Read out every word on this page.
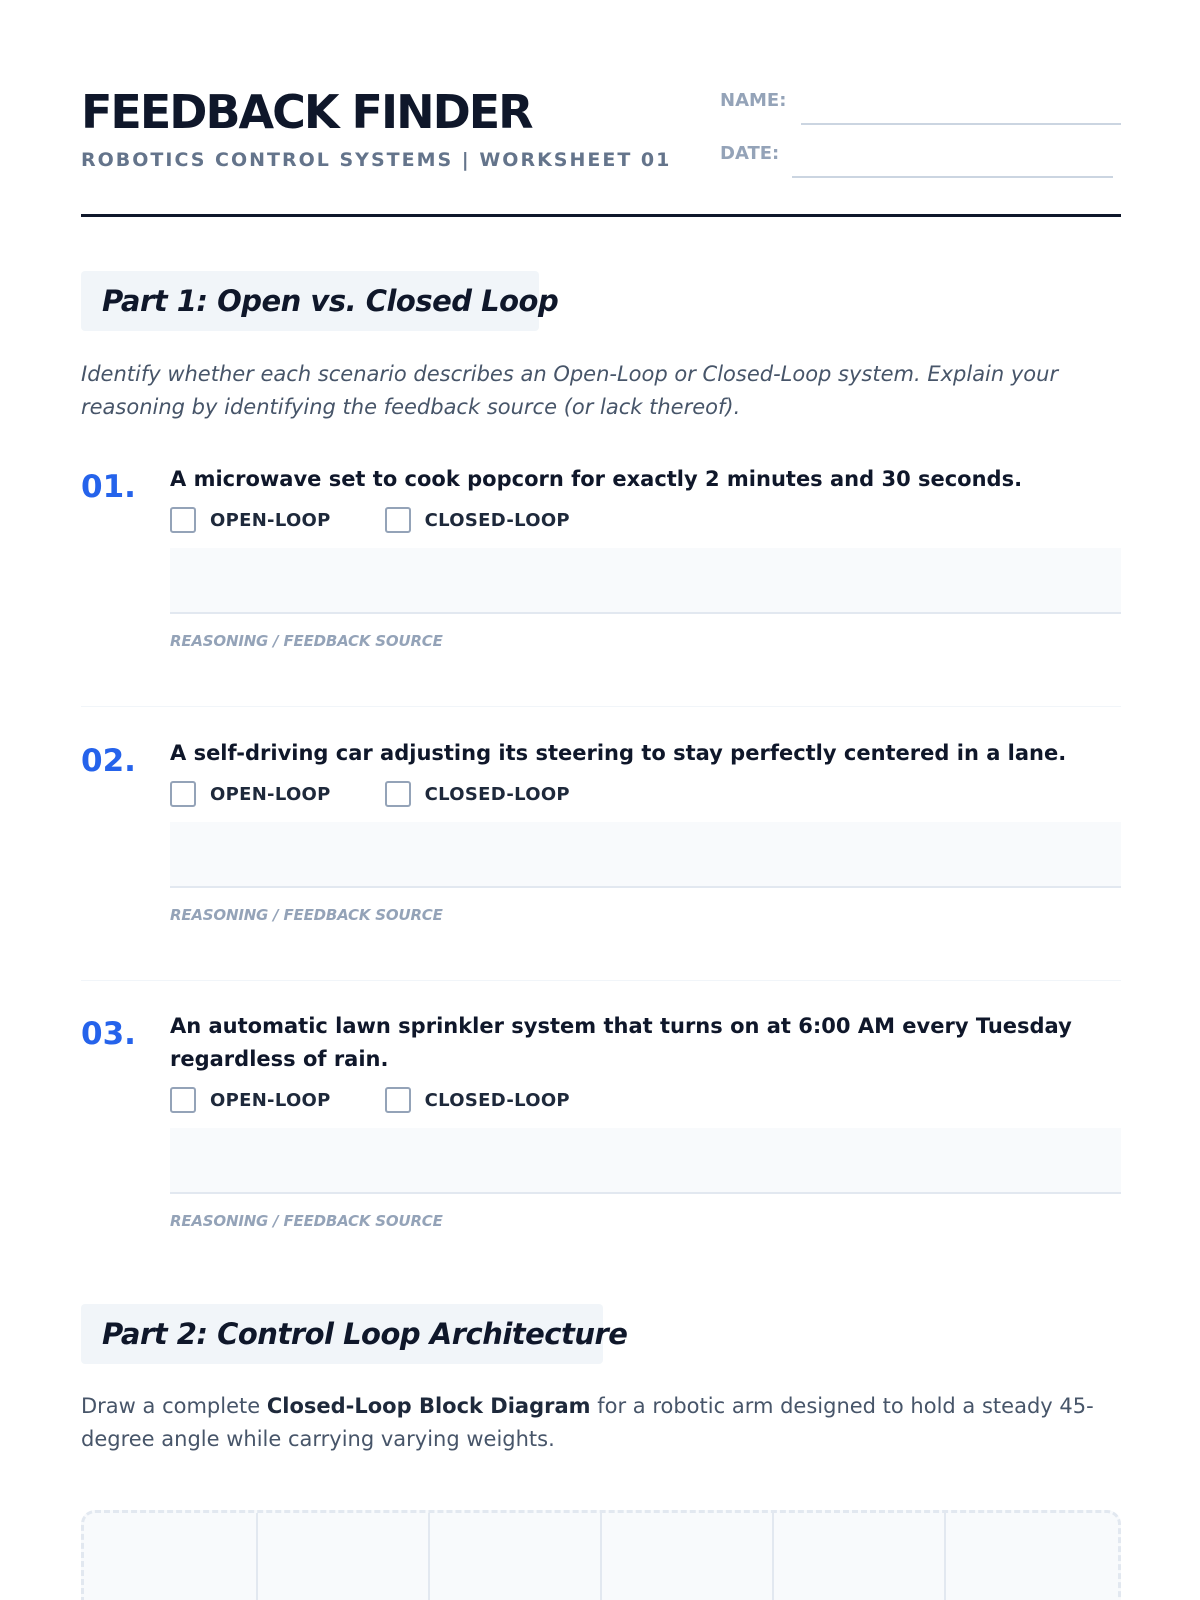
FEEDBACK FINDER
ROBOTICS CONTROL SYSTEMS | WORKSHEET 01
NAME:
DATE:
Part 1: Open vs. Closed Loop
Identify whether each scenario describes an Open-Loop or Closed-Loop system. Explain your reasoning by identifying the feedback source (or lack thereof).
01. A microwave set to cook popcorn for exactly 2 minutes and 30 seconds.
OPEN-LOOP	CLOSED-LOOP
REASONING / FEEDBACK SOURCE
02. A self-driving car adjusting its steering to stay perfectly centered in a lane.
OPEN-LOOP	CLOSED-LOOP
REASONING / FEEDBACK SOURCE
03. An automatic lawn sprinkler system that turns on at 6:00 AM every Tuesday regardless of rain.
OPEN-LOOP	CLOSED-LOOP
REASONING / FEEDBACK SOURCE
Part 2: Control Loop Architecture
Draw a complete Closed-Loop Block Diagram for a robotic arm designed to hold a steady 45-degree angle while carrying varying weights.
